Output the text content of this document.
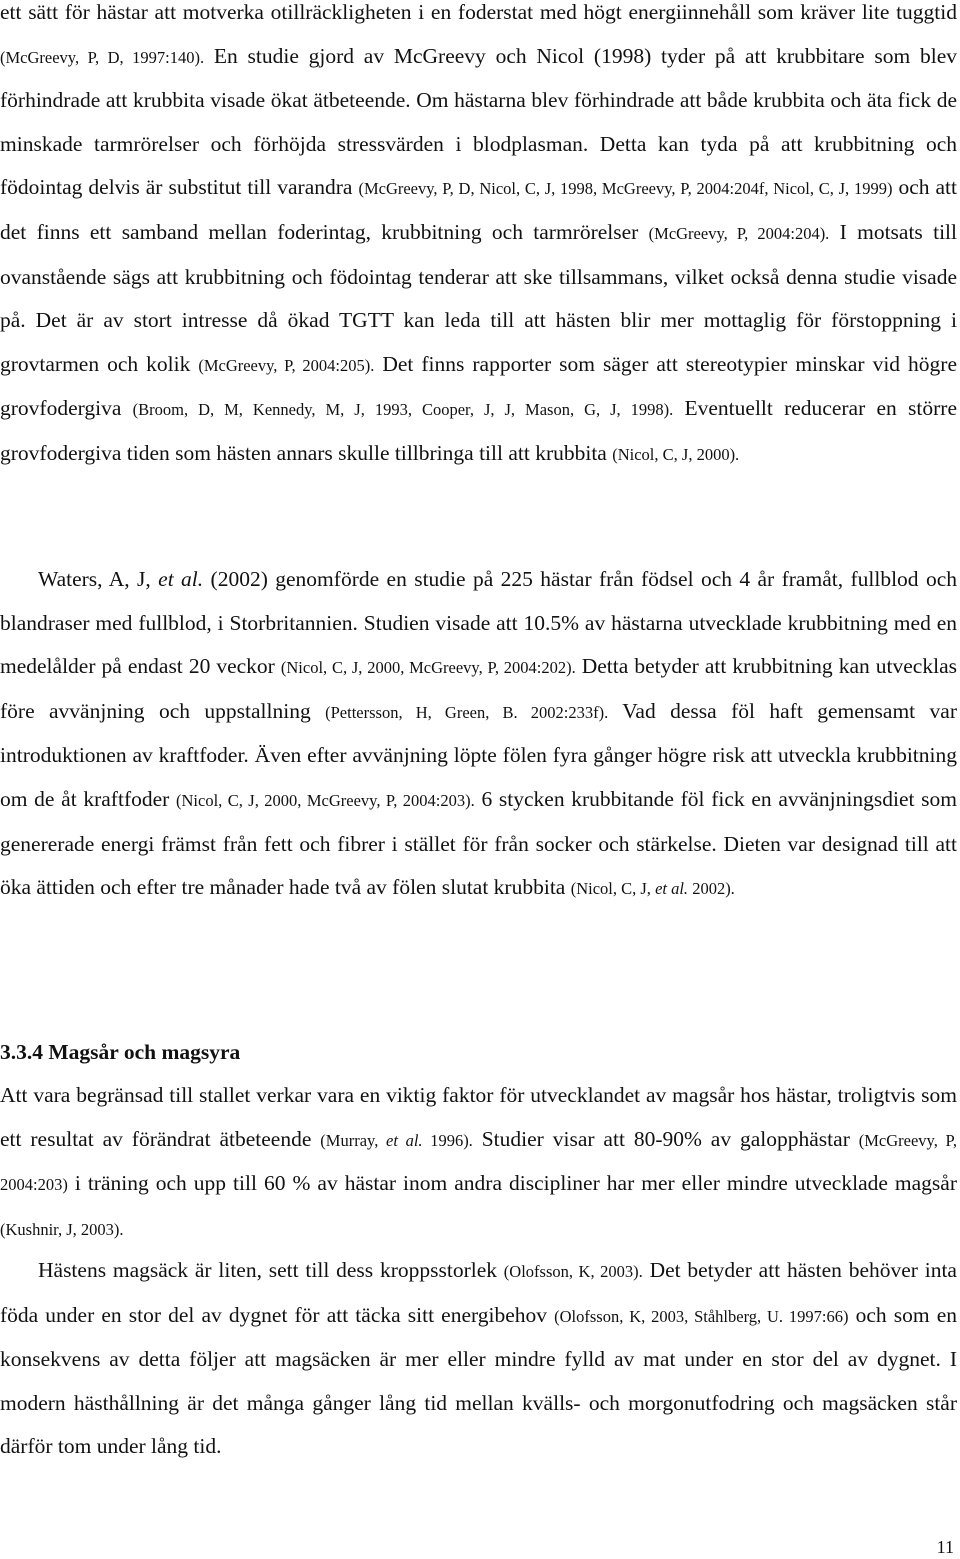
ett sätt för hästar att motverka otillräckligheten i en foderstat med högt energiinnehåll som kräver lite tuggtid (McGreevy, P, D, 1997:140). En studie gjord av McGreevy och Nicol (1998) tyder på att krubbitare som blev förhindrade att krubbita visade ökat ätbeteende. Om hästarna blev förhindrade att både krubbita och äta fick de minskade tarmrörelser och förhöjda stressvärden i blodplasman. Detta kan tyda på att krubbitning och födointag delvis är substitut till varandra (McGreevy, P, D, Nicol, C, J, 1998, McGreevy, P, 2004:204f, Nicol, C, J, 1999) och att det finns ett samband mellan foderintag, krubbitning och tarmrörelser (McGreevy, P, 2004:204). I motsats till ovanstående sägs att krubbitning och födointag tenderar att ske tillsammans, vilket också denna studie visade på. Det är av stort intresse då ökad TGTT kan leda till att hästen blir mer mottaglig för förstoppning i grovtarmen och kolik (McGreevy, P, 2004:205). Det finns rapporter som säger att stereotypier minskar vid högre grovfodergiva (Broom, D, M, Kennedy, M, J, 1993, Cooper, J, J, Mason, G, J, 1998). Eventuellt reducerar en större grovfodergiva tiden som hästen annars skulle tillbringa till att krubbita (Nicol, C, J, 2000).

Waters, A, J, et al. (2002) genomförde en studie på 225 hästar från födsel och 4 år framåt, fullblod och blandraser med fullblod, i Storbritannien. Studien visade att 10.5% av hästarna utvecklade krubbitning med en medelålder på endast 20 veckor (Nicol, C, J, 2000, McGreevy, P, 2004:202). Detta betyder att krubbitning kan utvecklas före avvänjning och uppstallning (Pettersson, H, Green, B. 2002:233f). Vad dessa föl haft gemensamt var introduktionen av kraftfoder. Även efter avvänjning löpte fölen fyra gånger högre risk att utveckla krubbitning om de åt kraftfoder (Nicol, C, J, 2000, McGreevy, P, 2004:203). 6 stycken krubbitande föl fick en avvänjningsdiet som genererade energi främst från fett och fibrer i stället för från socker och stärkelse. Dieten var designad till att öka ättiden och efter tre månader hade två av fölen slutat krubbita (Nicol, C, J, et al. 2002).

3.3.4 Magsår och magsyra

Att vara begränsad till stallet verkar vara en viktig faktor för utvecklandet av magsår hos hästar, troligtvis som ett resultat av förändrat ätbeteende (Murray, et al. 1996). Studier visar att 80-90% av galopphästar (McGreevy, P, 2004:203) i träning och upp till 60 % av hästar inom andra discipliner har mer eller mindre utvecklade magsår (Kushnir, J, 2003).

Hästens magsäck är liten, sett till dess kroppsstorlek (Olofsson, K, 2003). Det betyder att hästen behöver inta föda under en stor del av dygnet för att täcka sitt energibehov (Olofsson, K, 2003, Ståhlberg, U. 1997:66) och som en konsekvens av detta följer att magsäcken är mer eller mindre fylld av mat under en stor del av dygnet. I modern hästhållning är det många gånger lång tid mellan kvälls- och morgonutfodring och magsäcken står därför tom under lång tid.

11
